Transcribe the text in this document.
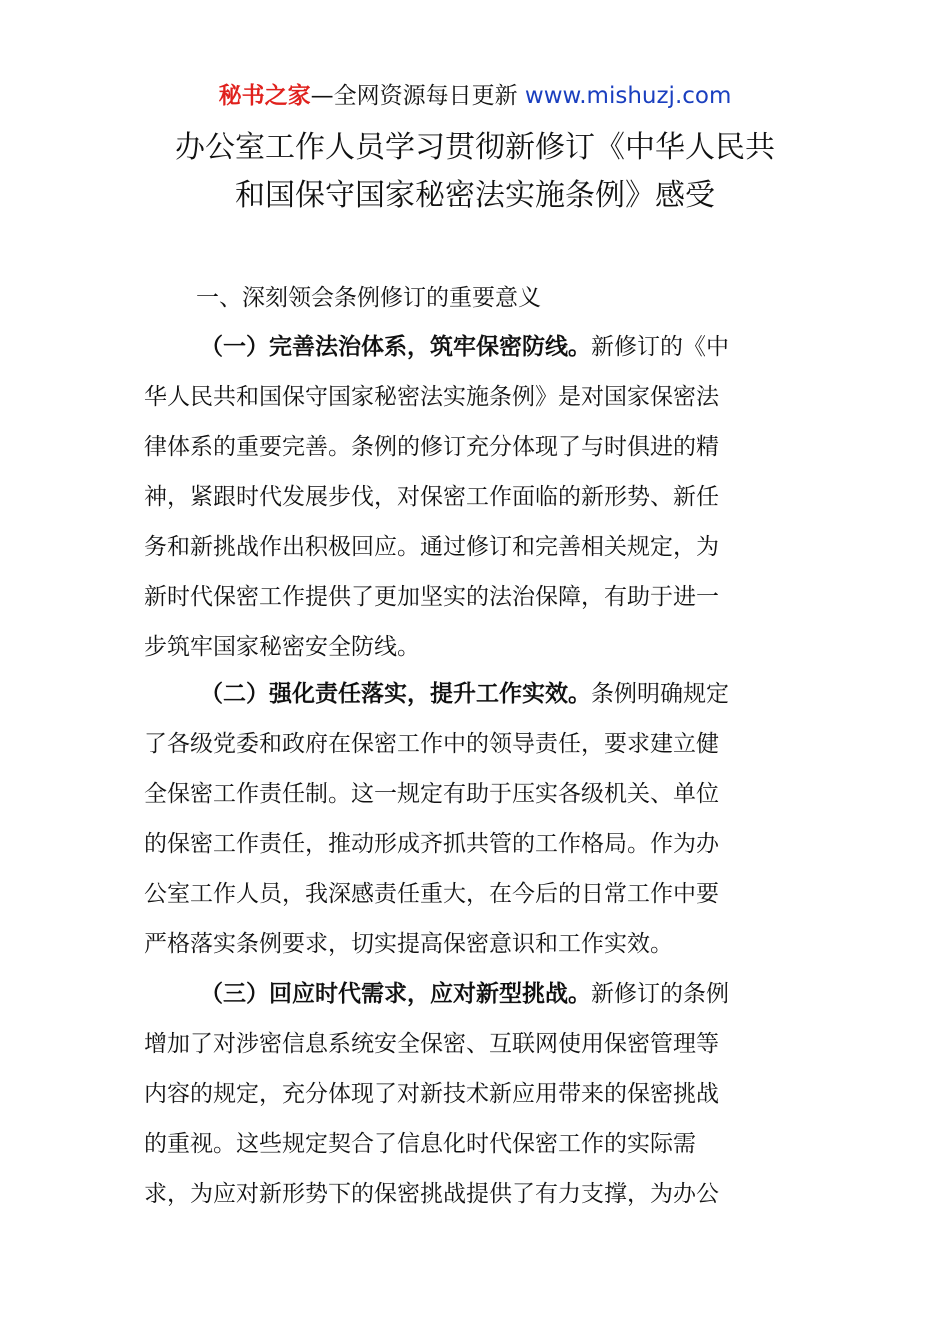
秘书之家—全网资源每日更新 www.mishuzj.com
办公室工作人员学习贯彻新修订《中华人民共
和国保守国家秘密法实施条例》感受
一、深刻领会条例修订的重要意义
（一）完善法治体系，筑牢保密防线。新修订的《中
华人民共和国保守国家秘密法实施条例》是对国家保密法
律体系的重要完善。条例的修订充分体现了与时俱进的精
神，紧跟时代发展步伐，对保密工作面临的新形势、新任
务和新挑战作出积极回应。通过修订和完善相关规定，为
新时代保密工作提供了更加坚实的法治保障，有助于进一
步筑牢国家秘密安全防线。
（二）强化责任落实，提升工作实效。条例明确规定
了各级党委和政府在保密工作中的领导责任，要求建立健
全保密工作责任制。这一规定有助于压实各级机关、单位
的保密工作责任，推动形成齐抓共管的工作格局。作为办
公室工作人员，我深感责任重大，在今后的日常工作中要
严格落实条例要求，切实提高保密意识和工作实效。
（三）回应时代需求，应对新型挑战。新修订的条例
增加了对涉密信息系统安全保密、互联网使用保密管理等
内容的规定，充分体现了对新技术新应用带来的保密挑战
的重视。这些规定契合了信息化时代保密工作的实际需
求，为应对新形势下的保密挑战提供了有力支撑，为办公
